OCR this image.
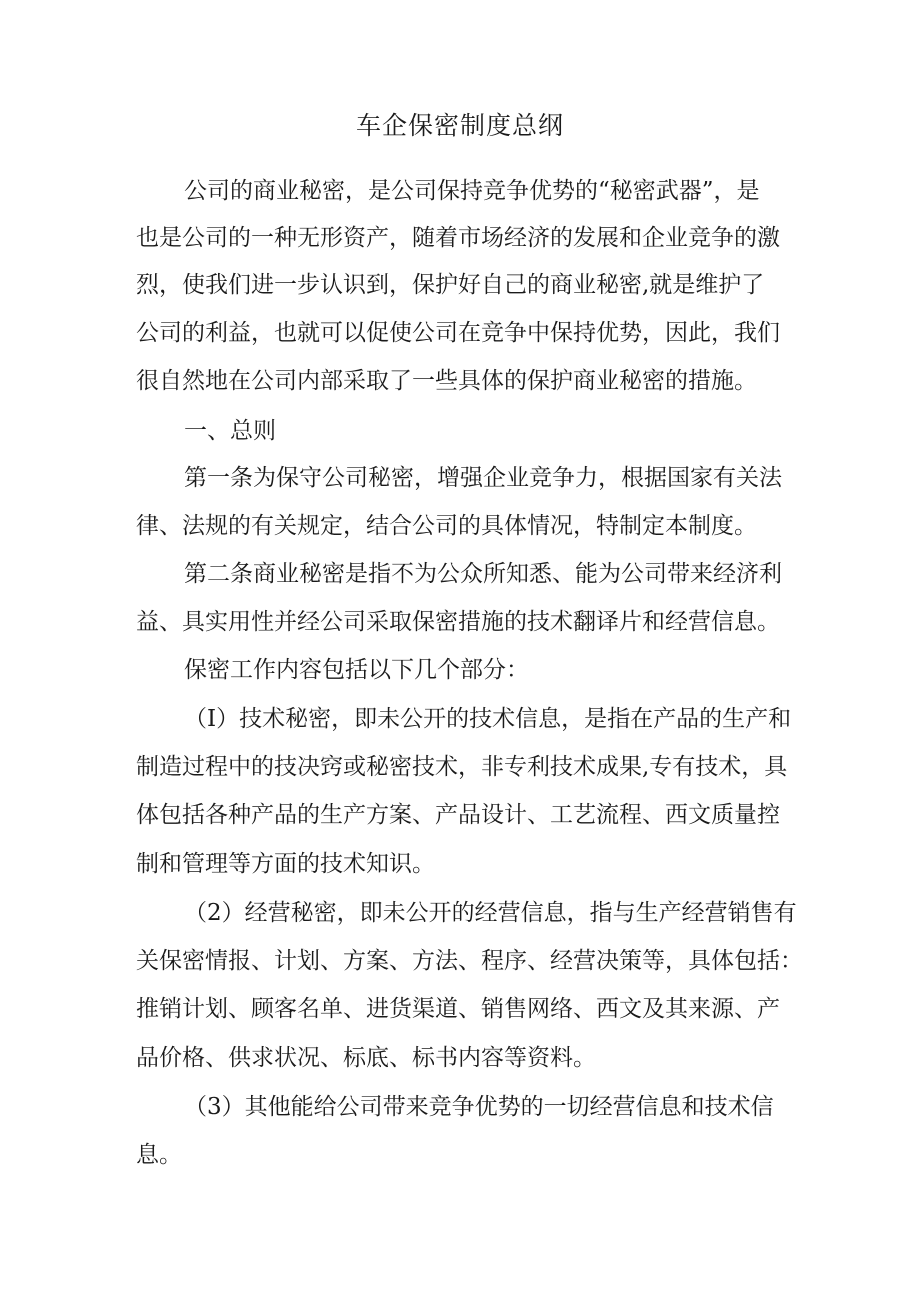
车企保密制度总纲

公司的商业秘密，是公司保持竞争优势的“秘密武器”，是

也是公司的一种无形资产，随着市场经济的发展和企业竞争的激

烈，使我们进一步认识到，保护好自己的商业秘密,就是维护了

公司的利益，也就可以促使公司在竞争中保持优势，因此，我们

很自然地在公司内部采取了一些具体的保护商业秘密的措施。

一、总则

第一条为保守公司秘密，增强企业竞争力，根据国家有关法

律、法规的有关规定，结合公司的具体情况，特制定本制度。

第二条商业秘密是指不为公众所知悉、能为公司带来经济利

益、具实用性并经公司采取保密措施的技术翻译片和经营信息。

保密工作内容包括以下几个部分：

（I）技术秘密，即未公开的技术信息，是指在产品的生产和

制造过程中的技决窍或秘密技术，非专利技术成果,专有技术，具

体包括各种产品的生产方案、产品设计、工艺流程、西文质量控

制和管理等方面的技术知识。

（2）经营秘密，即未公开的经营信息，指与生产经营销售有

关保密情报、计划、方案、方法、程序、经营决策等，具体包括：

推销计划、顾客名单、进货渠道、销售网络、西文及其来源、产

品价格、供求状况、标底、标书内容等资料。

（3）其他能给公司带来竞争优势的一切经营信息和技术信

息。
